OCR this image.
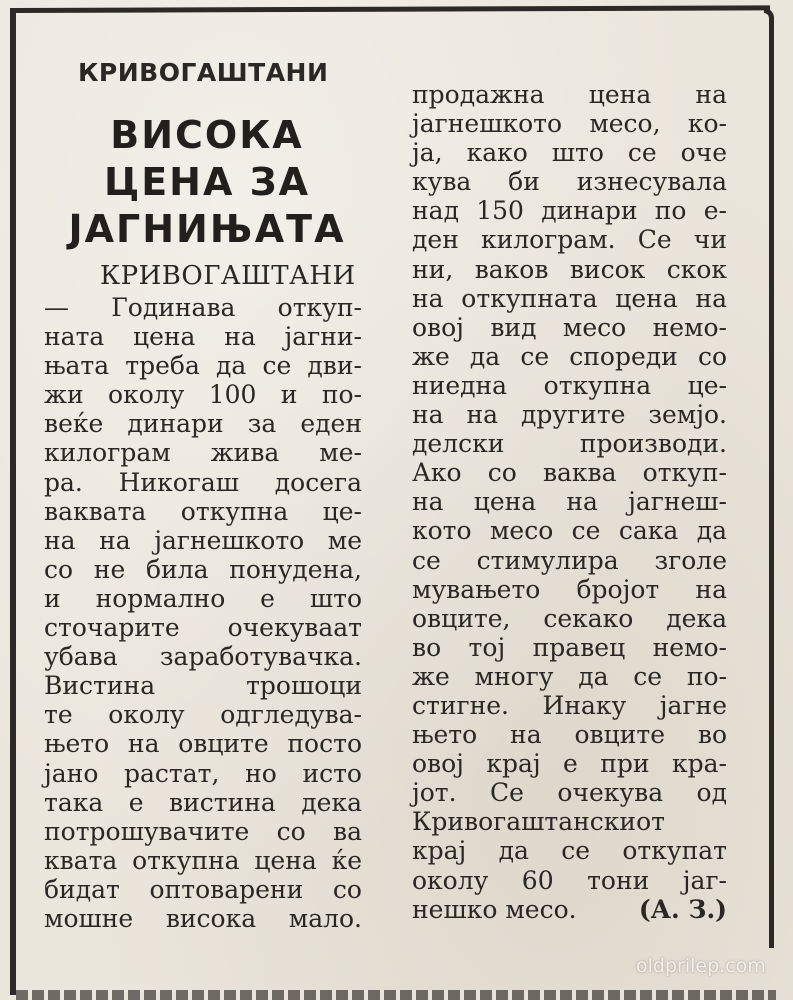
КРИВОГАШТАНИ
ВИСОКА
ЦЕНА ЗА
ЈАГНИЊАТА
КРИВОГАШТАНИ
— Годинава откуп-
ната цена на јагни-
њата треба да се дви-
жи околу 100 и по-
веќе динари за еден
килограм жива ме-
ра. Никогаш досега
ваквата откупна це-
на на јагнешкото ме
со не била понудена,
и нормално е што
сточарите очекуваат
убава заработувачка.
Вистина трошоци
те околу одгледува-
њето на овците посто
јано растат, но исто
така е вистина дека
потрошувачите со ва
квата откупна цена ќе
бидат оптоварени со
мошне висока мало.
продажна цена на
јагнешкото месо, ко-
ја, како што се оче
кува би изнесувала
над 150 динари по е-
ден килограм. Се чи
ни, ваков висок скок
на откупната цена на
овој вид месо немо-
же да се спореди со
ниедна откупна це-
на на другите земјо.
делски производи.
Ако со ваква откуп-
на цена на јагнеш-
кото месо се сака да
се стимулира зголе
мувањето бројот на
овците, секако дека
во тој правец немо-
же многу да се по-
стигне. Инаку јагне
њето на овците во
овој крај е при кра-
јот. Се очекува од
Кривогаштанскиот
крај да се откупат
околу 60 тони јаг-
нешко месо. (А. З.)
oldprilep.com
